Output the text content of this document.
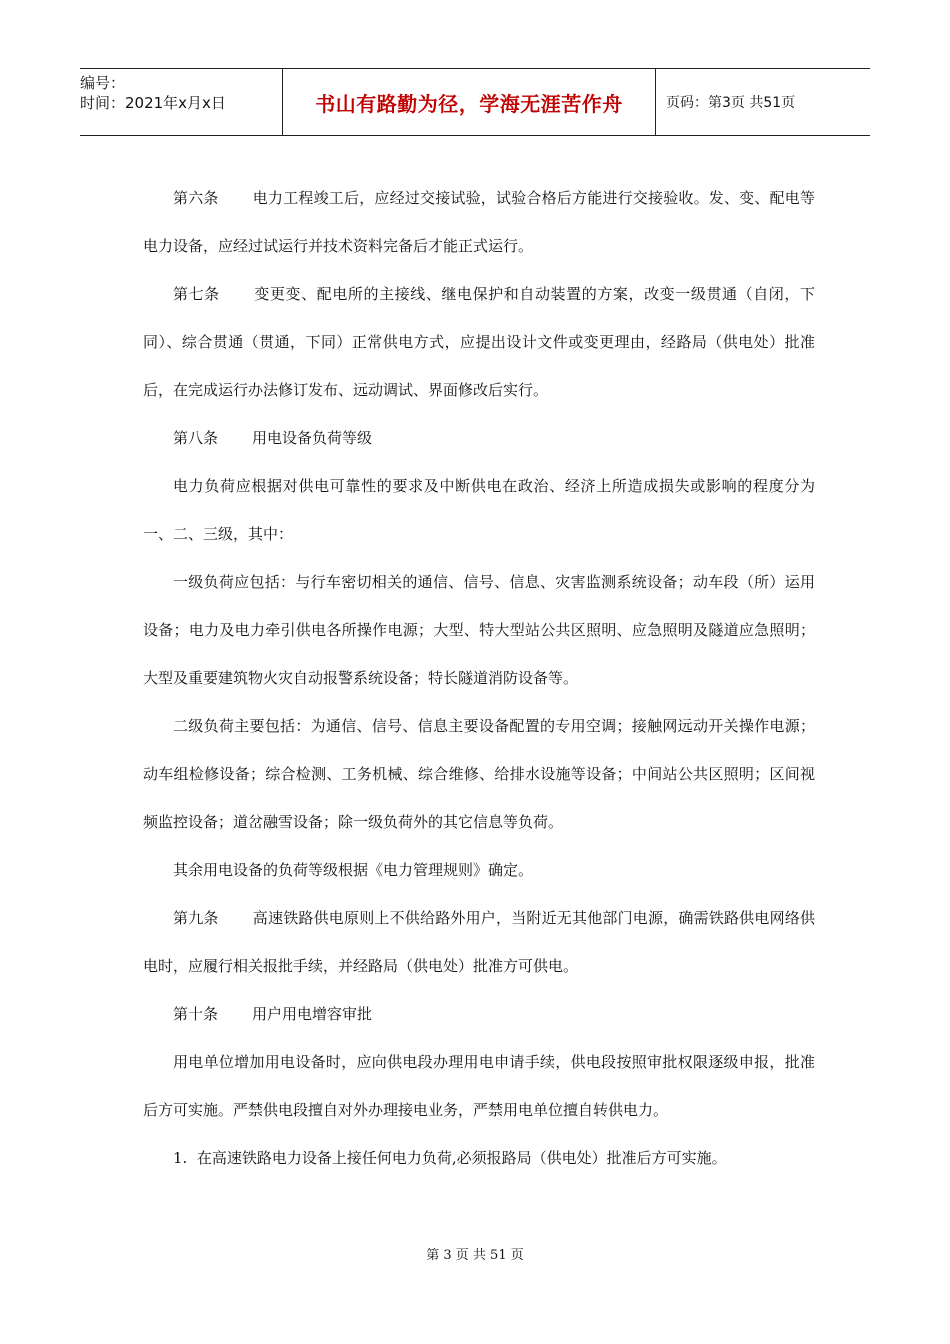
编号：
时间：2021年x月x日	书山有路勤为径，学海无涯苦作舟	页码：第3页 共51页

第六条 电力工程竣工后，应经过交接试验，试验合格后方能进行交接验收。发、变、配电等电力设备，应经过试运行并技术资料完备后才能正式运行。

第七条 变更变、配电所的主接线、继电保护和自动装置的方案，改变一级贯通（自闭，下同）、综合贯通（贯通，下同）正常供电方式，应提出设计文件或变更理由，经路局（供电处）批准后，在完成运行办法修订发布、远动调试、界面修改后实行。

第八条 用电设备负荷等级

电力负荷应根据对供电可靠性的要求及中断供电在政治、经济上所造成损失或影响的程度分为一、二、三级，其中：

一级负荷应包括：与行车密切相关的通信、信号、信息、灾害监测系统设备；动车段（所）运用设备；电力及电力牵引供电各所操作电源；大型、特大型站公共区照明、应急照明及隧道应急照明；大型及重要建筑物火灾自动报警系统设备；特长隧道消防设备等。

二级负荷主要包括：为通信、信号、信息主要设备配置的专用空调；接触网远动开关操作电源；动车组检修设备；综合检测、工务机械、综合维修、给排水设施等设备；中间站公共区照明；区间视频监控设备；道岔融雪设备；除一级负荷外的其它信息等负荷。

其余用电设备的负荷等级根据《电力管理规则》确定。

第九条 高速铁路供电原则上不供给路外用户，当附近无其他部门电源，确需铁路供电网络供电时，应履行相关报批手续，并经路局（供电处）批准方可供电。

第十条 用户用电增容审批

用电单位增加用电设备时，应向供电段办理用电申请手续，供电段按照审批权限逐级申报，批准后方可实施。严禁供电段擅自对外办理接电业务，严禁用电单位擅自转供电力。

1. 在高速铁路电力设备上接任何电力负荷,必须报路局（供电处）批准后方可实施。

第 3 页 共 51 页
